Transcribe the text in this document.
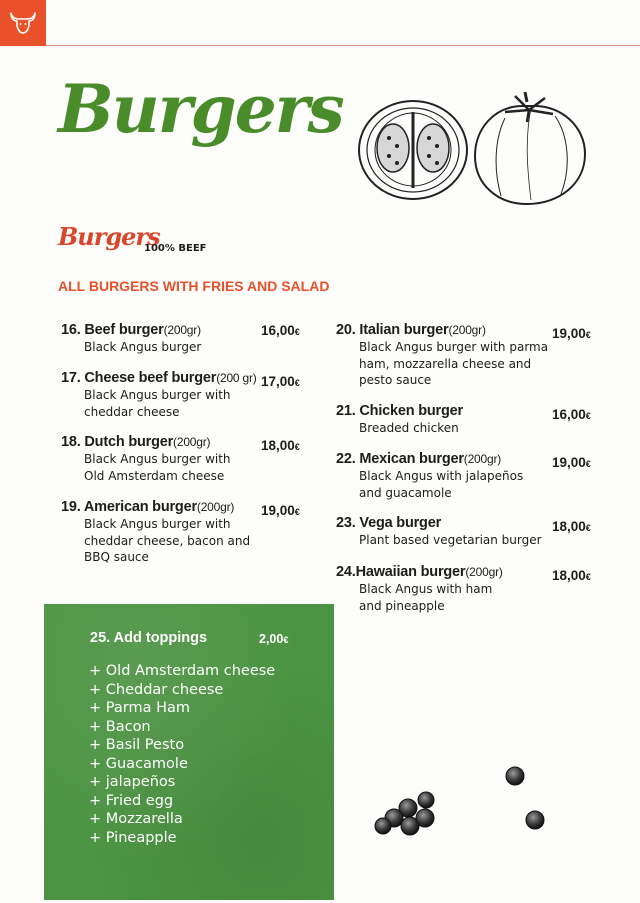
Burgers
Burgers
100% BEEF
ALL BURGERS WITH FRIES AND SALAD
16. Beef burger(200gr)
Black Angus burger
16,00€
17. Cheese beef burger(200 gr)
Black Angus burger with cheddar cheese
17,00€
18. Dutch burger(200gr)
Black Angus burger with Old Amsterdam cheese
18,00€
19. American burger(200gr)
Black Angus burger with cheddar cheese, bacon and BBQ sauce
19,00€
20. Italian burger(200gr)
Black Angus burger with parma ham, mozzarella cheese and pesto sauce
19,00€
21. Chicken burger
Breaded chicken
16,00€
22. Mexican burger(200gr)
Black Angus with jalapeños and guacamole
19,00€
23. Vega burger
Plant based vegetarian burger
18,00€
24.Hawaiian burger(200gr)
Black Angus with ham and pineapple
18,00€
25. Add toppings	2,00€
+ Old Amsterdam cheese
+ Cheddar cheese
+ Parma Ham
+ Bacon
+ Basil Pesto
+ Guacamole
+ jalapeños
+ Fried egg
+ Mozzarella
+ Pineapple
